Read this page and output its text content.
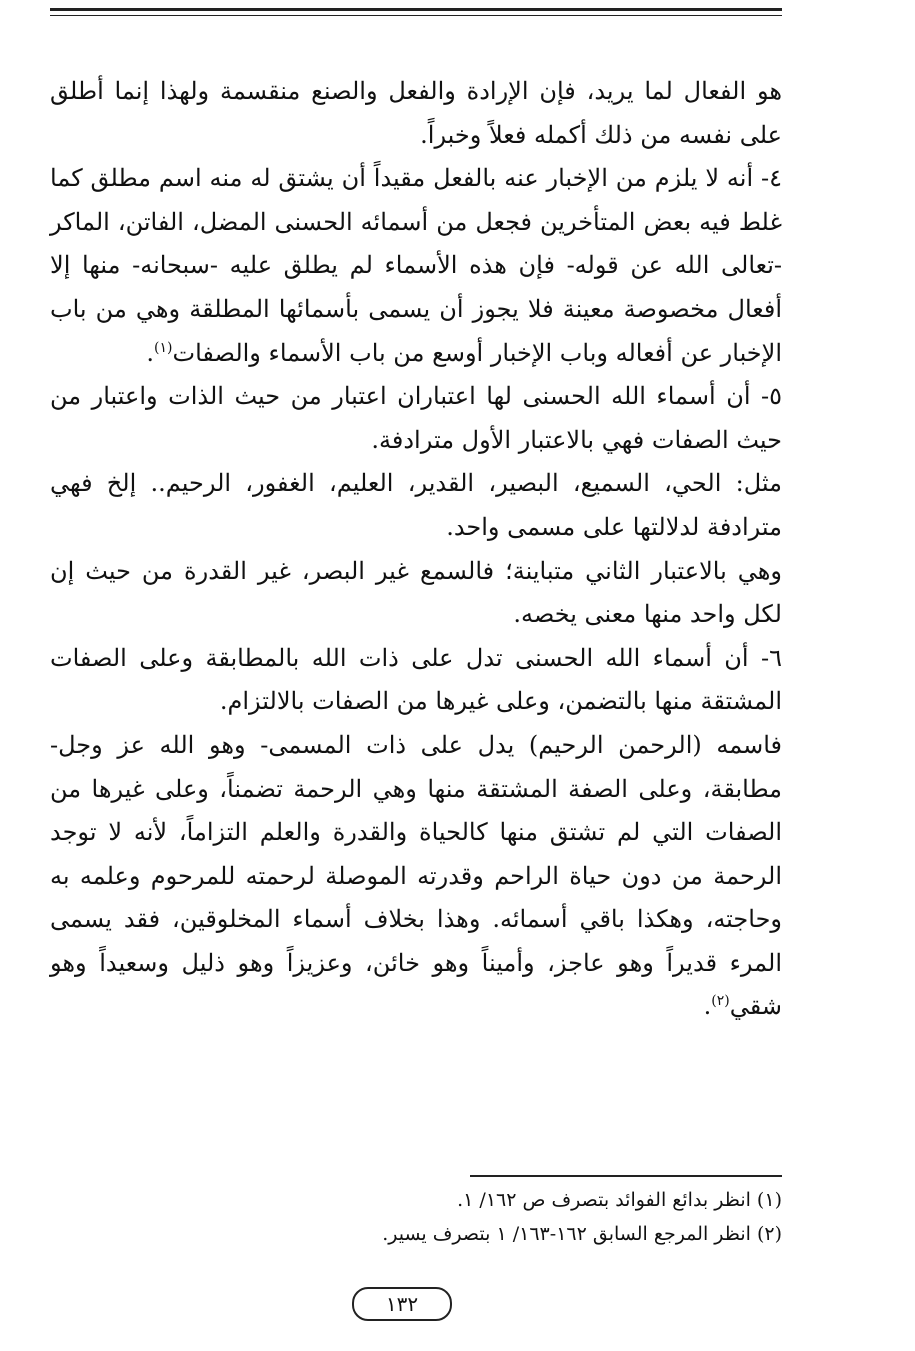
هو الفعال لما يريد، فإن الإرادة والفعل والصنع منقسمة ولهذا إنما أطلق على نفسه من ذلك أكمله فعلاً وخبراً.

٤- أنه لا يلزم من الإخبار عنه بالفعل مقيداً أن يشتق له منه اسم مطلق كما غلط فيه بعض المتأخرين فجعل من أسمائه الحسنى المضل، الفاتن، الماكر -تعالى الله عن قوله- فإن هذه الأسماء لم يطلق عليه -سبحانه- منها إلا أفعال مخصوصة معينة فلا يجوز أن يسمى بأسمائها المطلقة وهي من باب الإخبار عن أفعاله وباب الإخبار أوسع من باب الأسماء والصفات$^{(١)}$.

٥- أن أسماء الله الحسنى لها اعتباران اعتبار من حيث الذات واعتبار من حيث الصفات فهي بالاعتبار الأول مترادفة.

مثل: الحي، السميع، البصير، القدير، العليم، الغفور، الرحيم.. إلخ فهي مترادفة لدلالتها على مسمى واحد.

وهي بالاعتبار الثاني متباينة؛ فالسمع غير البصر، غير القدرة من حيث إن لكل واحد منها معنى يخصه.

٦- أن أسماء الله الحسنى تدل على ذات الله بالمطابقة وعلى الصفات المشتقة منها بالتضمن، وعلى غيرها من الصفات بالالتزام.

فاسمه (الرحمن الرحيم) يدل على ذات المسمى- وهو الله عز وجل- مطابقة، وعلى الصفة المشتقة منها وهي الرحمة تضمناً، وعلى غيرها من الصفات التي لم تشتق منها كالحياة والقدرة والعلم التزاماً، لأنه لا توجد الرحمة من دون حياة الراحم وقدرته الموصلة لرحمته للمرحوم وعلمه به وحاجته، وهكذا باقي أسمائه. وهذا بخلاف أسماء المخلوقين، فقد يسمى المرء قديراً وهو عاجز، وأميناً وهو خائن، وعزيزاً وهو ذليل وسعيداً وهو شقي$^{(٢)}$.

(١) انظر بدائع الفوائد بتصرف ص ١٦٢/ ١.

(٢) انظر المرجع السابق ١٦٢-١٦٣/ ١ بتصرف يسير.

١٣٢
